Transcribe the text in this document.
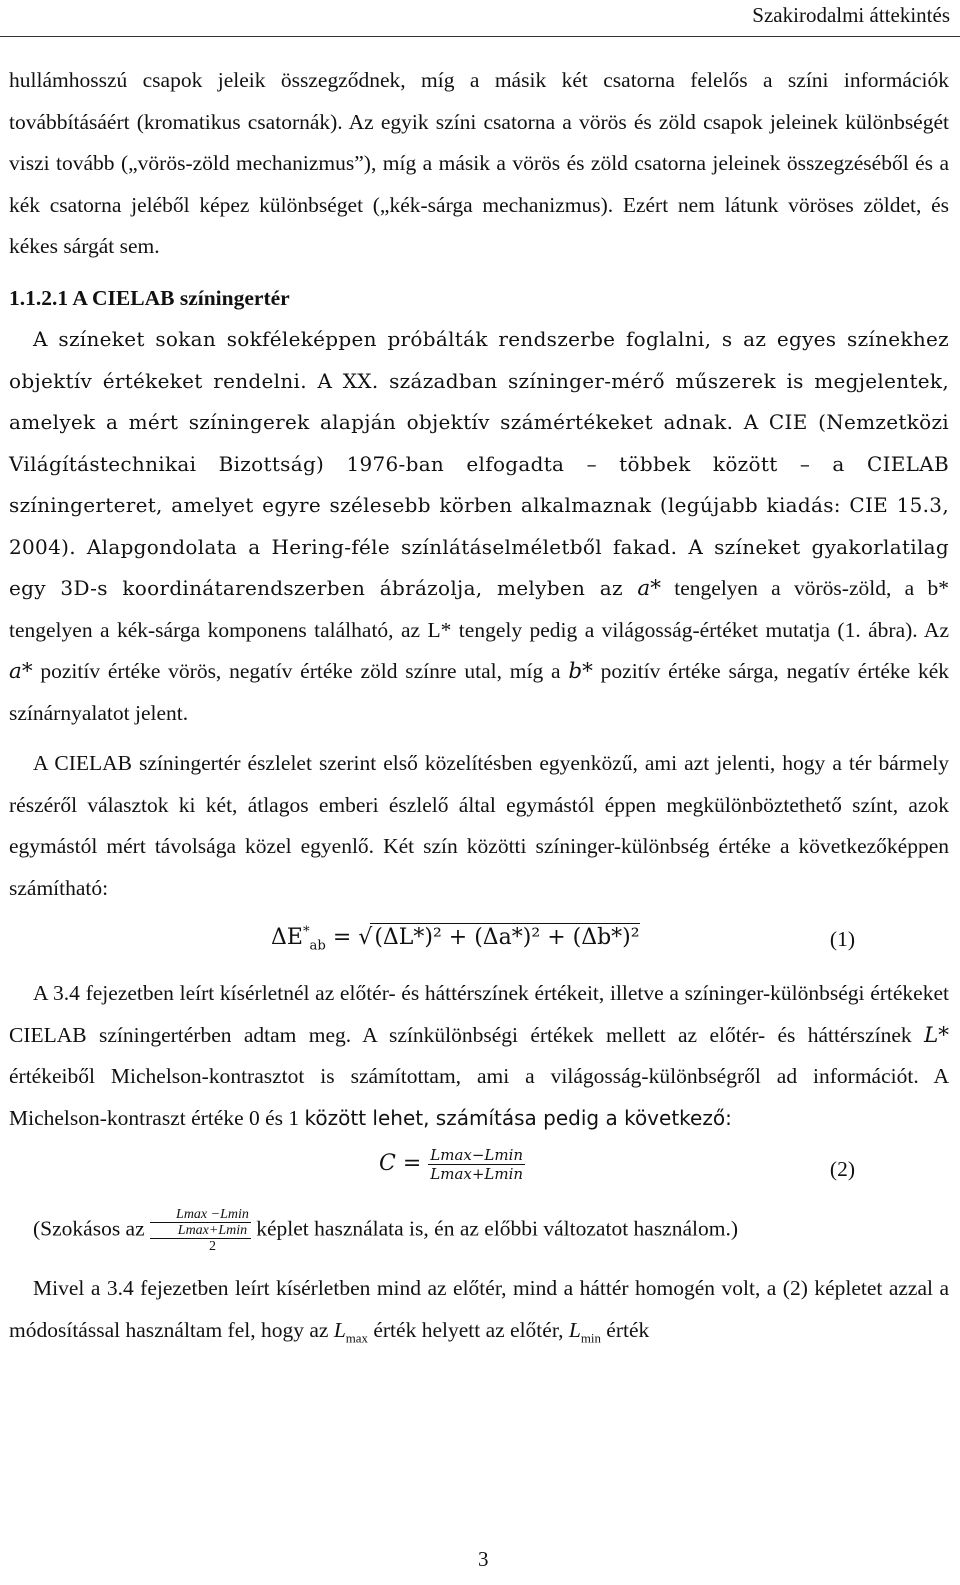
Szakirodalmi áttekintés

hullámhosszú csapok jeleik összegződnek, míg a másik két csatorna felelős a színi információk továbbításáért (kromatikus csatornák). Az egyik színi csatorna a vörös és zöld csapok jeleinek különbségét viszi tovább („vörös-zöld mechanizmus”), míg a másik a vörös és zöld csatorna jeleinek összegzéséből és a kék csatorna jeléből képez különbséget („kék-sárga mechanizmus). Ezért nem látunk vöröses zöldet, és kékes sárgát sem.

1.1.2.1 A CIELAB színingertér

A színeket sokan sokféleképpen próbálták rendszerbe foglalni, s az egyes színekhez objektív értékeket rendelni. A XX. században színinger-mérő műszerek is megjelentek, amelyek a mért színingerek alapján objektív számértékeket adnak. A CIE (Nemzetközi Világítástechnikai Bizottság) 1976-ban elfogadta – többek között – a CIELAB színingerteret, amelyet egyre szélesebb körben alkalmaznak (legújabb kiadás: CIE 15.3, 2004). Alapgondolata a Hering-féle színlátáselméletből fakad. A színeket gyakorlatilag egy 3D-s koordinátarendszerben ábrázolja, melyben az a* tengelyen a vörös-zöld, a b* tengelyen a kék-sárga komponens található, az L* tengely pedig a világosság-értéket mutatja (1. ábra). Az a* pozitív értéke vörös, negatív értéke zöld színre utal, míg a b* pozitív értéke sárga, negatív értéke kék színárnyalatot jelent.

A CIELAB színingertér észlelet szerint első közelítésben egyenközű, ami azt jelenti, hogy a tér bármely részéről választok ki két, átlagos emberi észlelő által egymástól éppen megkülönböztethető színt, azok egymástól mért távolsága közel egyenlő. Két szín közötti színinger-különbség értéke a következőképpen számítható:

$\Delta E^*_{ab} = √(\Delta L*)^2 + (\Delta a*)^2 + (\Delta b*)^2$	(1)

A 3.4 fejezetben leírt kísérletnél az előtér- és háttérszínek értékeit, illetve a színinger-különbségi értékeket CIELAB színingertérben adtam meg. A színkülönbségi értékek mellett az előtér- és háttérszínek L* értékeiből Michelson-kontrasztot is számítottam, ami a világosság-különbségről ad információt. A Michelson-kontraszt értéke 0 és 1 között lehet, számítása pedig a következő:

$C = \frac{Lmax-Lmin}{Lmax+Lmin}$	(2)

(Szokásos az
Lmax −Lmin
Lmax+Lmin
2
képlet használata is, én az előbbi változatot használom.)

Mivel a 3.4 fejezetben leírt kísérletben mind az előtér, mind a háttér homogén volt, a (2) képletet azzal a módosítással használtam fel, hogy az $L_{max}$ érték helyett az előtér, $L_{min}$ érték

3
